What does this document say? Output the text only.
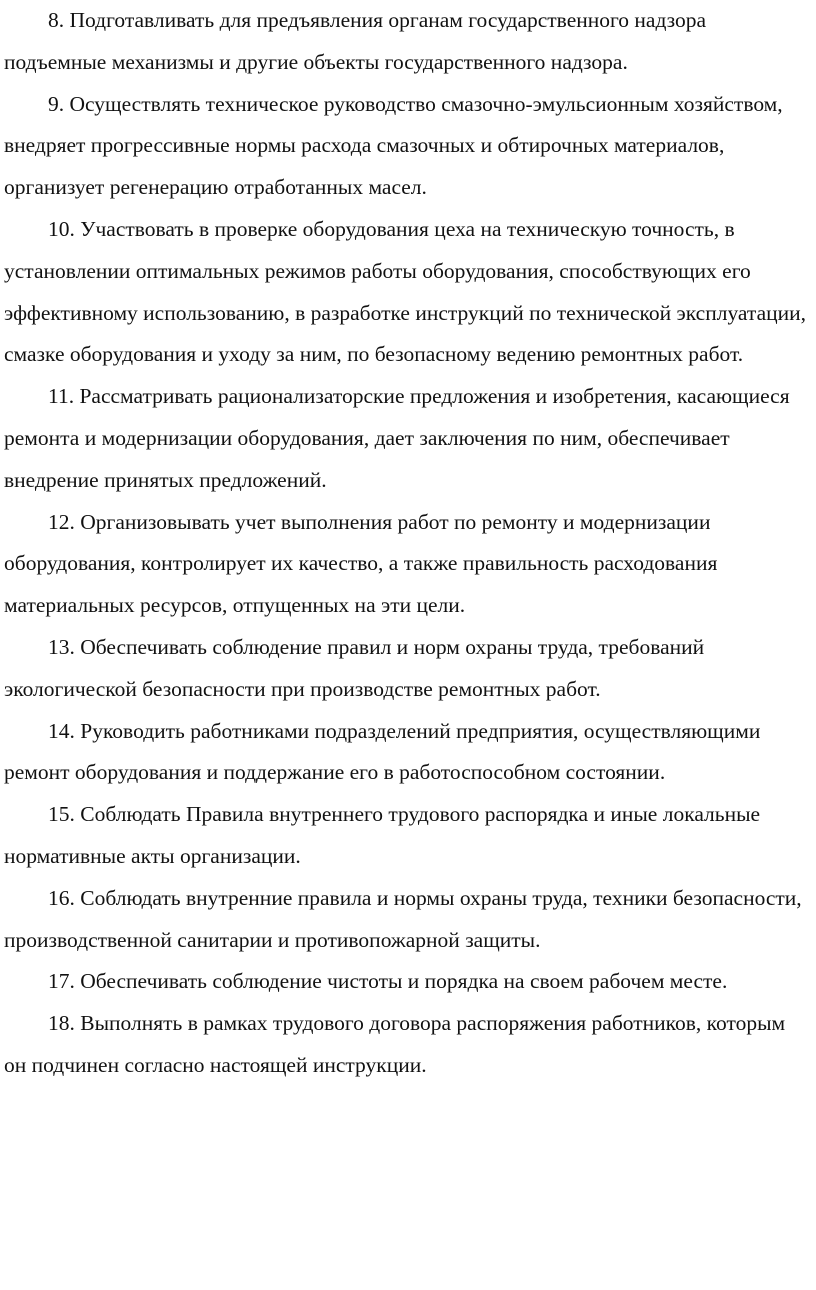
8. Подготавливать для предъявления органам государственного надзора подъемные механизмы и другие объекты государственного надзора.

9. Осуществлять техническое руководство смазочно-эмульсионным хозяйством, внедряет прогрессивные нормы расхода смазочных и обтирочных материалов, организует регенерацию отработанных масел.

10. Участвовать в проверке оборудования цеха на техническую точность, в установлении оптимальных режимов работы оборудования, способствующих его эффективному использованию, в разработке инструкций по технической эксплуатации, смазке оборудования и уходу за ним, по безопасному ведению ремонтных работ.

11. Рассматривать рационализаторские предложения и изобретения, касающиеся ремонта и модернизации оборудования, дает заключения по ним, обеспечивает внедрение принятых предложений.

12. Организовывать учет выполнения работ по ремонту и модернизации оборудования, контролирует их качество, а также правильность расходования материальных ресурсов, отпущенных на эти цели.

13. Обеспечивать соблюдение правил и норм охраны труда, требований экологической безопасности при производстве ремонтных работ.

14. Руководить работниками подразделений предприятия, осуществляющими ремонт оборудования и поддержание его в работоспособном состоянии.

15. Соблюдать Правила внутреннего трудового распорядка и иные локальные нормативные акты организации.

16. Соблюдать внутренние правила и нормы охраны труда, техники безопасности, производственной санитарии и противопожарной защиты.

17. Обеспечивать соблюдение чистоты и порядка на своем рабочем месте.

18. Выполнять в рамках трудового договора распоряжения работников, которым он подчинен согласно настоящей инструкции.
